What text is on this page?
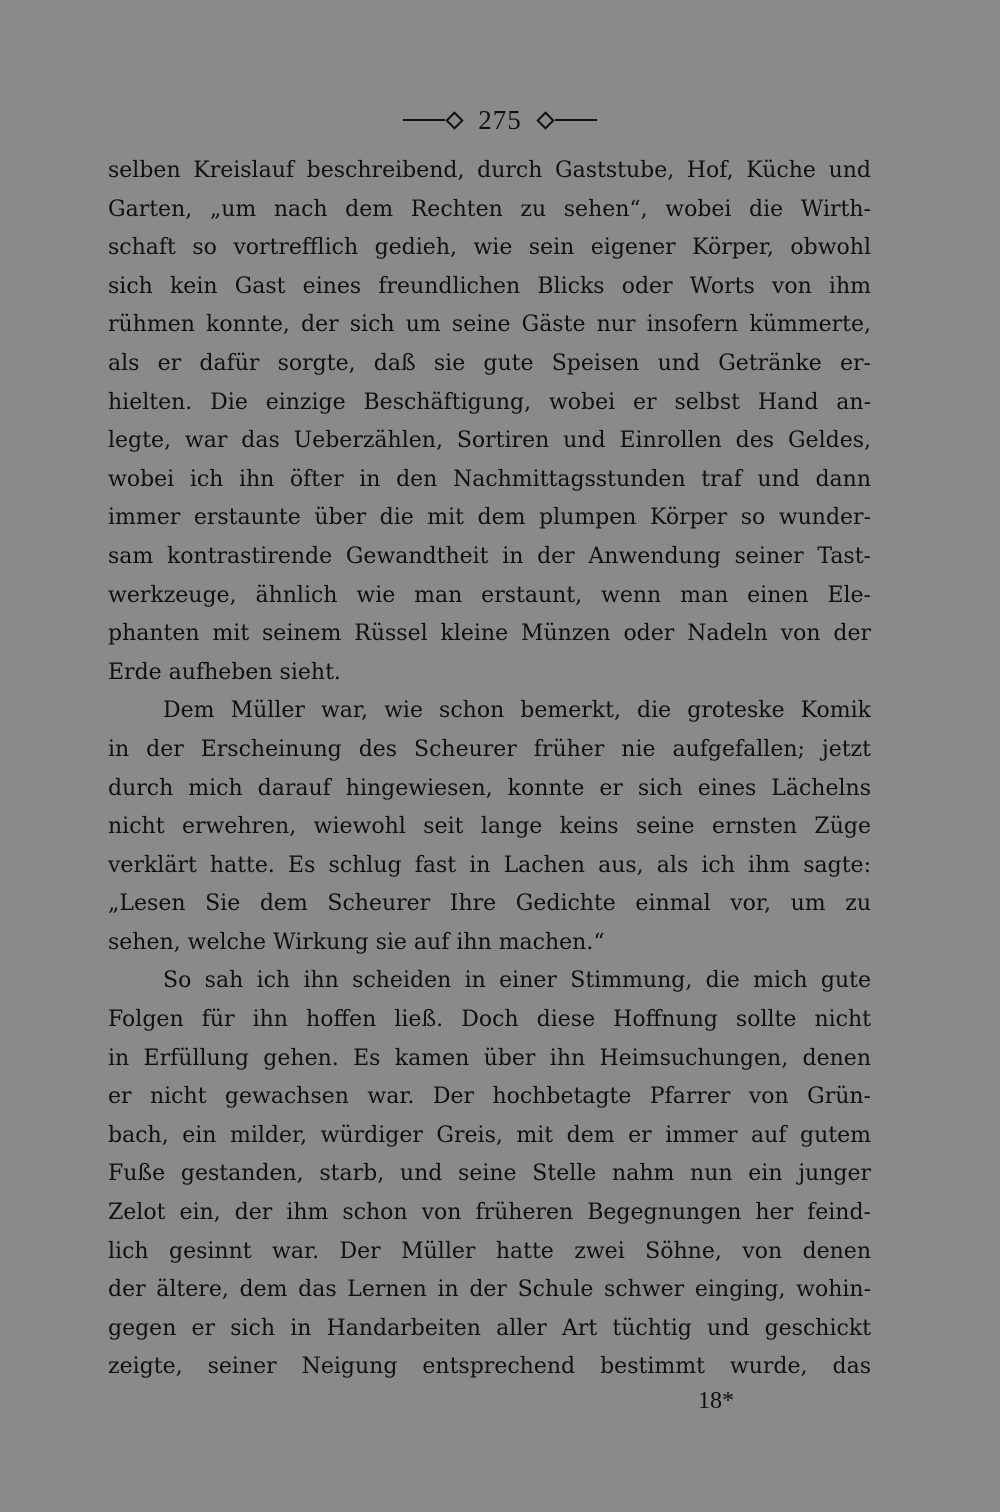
275
selben Kreislauf beschreibend, durch Gaststube, Hof, Küche und
Garten, „um nach dem Rechten zu sehen“, wobei die Wirth-
schaft so vortrefflich gedieh, wie sein eigener Körper, obwohl
sich kein Gast eines freundlichen Blicks oder Worts von ihm
rühmen konnte, der sich um seine Gäste nur insofern kümmerte,
als er dafür sorgte, daß sie gute Speisen und Getränke er-
hielten. Die einzige Beschäftigung, wobei er selbst Hand an-
legte, war das Ueberzählen, Sortiren und Einrollen des Geldes,
wobei ich ihn öfter in den Nachmittagsstunden traf und dann
immer erstaunte über die mit dem plumpen Körper so wunder-
sam kontrastirende Gewandtheit in der Anwendung seiner Tast-
werkzeuge, ähnlich wie man erstaunt, wenn man einen Ele-
phanten mit seinem Rüssel kleine Münzen oder Nadeln von der
Erde aufheben sieht.
Dem Müller war, wie schon bemerkt, die groteske Komik
in der Erscheinung des Scheurer früher nie aufgefallen; jetzt
durch mich darauf hingewiesen, konnte er sich eines Lächelns
nicht erwehren, wiewohl seit lange keins seine ernsten Züge
verklärt hatte. Es schlug fast in Lachen aus, als ich ihm sagte:
„Lesen Sie dem Scheurer Ihre Gedichte einmal vor, um zu
sehen, welche Wirkung sie auf ihn machen.“
So sah ich ihn scheiden in einer Stimmung, die mich gute
Folgen für ihn hoffen ließ. Doch diese Hoffnung sollte nicht
in Erfüllung gehen. Es kamen über ihn Heimsuchungen, denen
er nicht gewachsen war. Der hochbetagte Pfarrer von Grün-
bach, ein milder, würdiger Greis, mit dem er immer auf gutem
Fuße gestanden, starb, und seine Stelle nahm nun ein junger
Zelot ein, der ihm schon von früheren Begegnungen her feind-
lich gesinnt war. Der Müller hatte zwei Söhne, von denen
der ältere, dem das Lernen in der Schule schwer einging, wohin-
gegen er sich in Handarbeiten aller Art tüchtig und geschickt
zeigte, seiner Neigung entsprechend bestimmt wurde, das
18*
